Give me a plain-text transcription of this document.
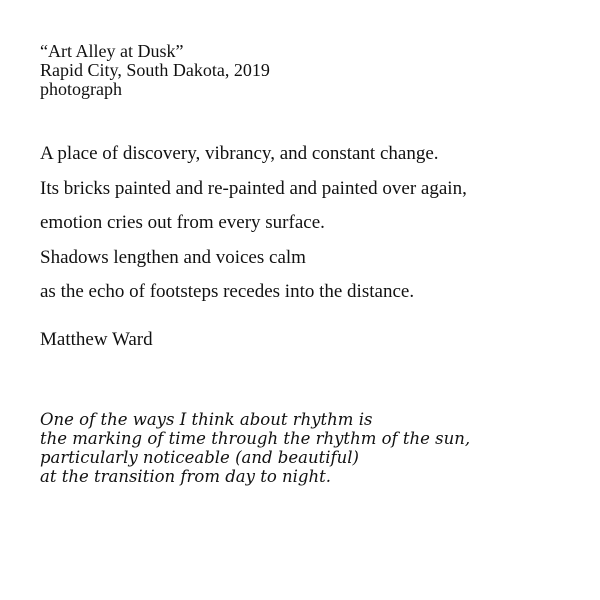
“Art Alley at Dusk”

Rapid City, South Dakota, 2019

photograph

A place of discovery, vibrancy, and constant change.

Its bricks painted and re-painted and painted over again,

emotion cries out from every surface.

Shadows lengthen and voices calm

as the echo of footsteps recedes into the distance.

Matthew Ward

One of the ways I think about rhythm is

the marking of time through the rhythm of the sun,

particularly noticeable (and beautiful)

at the transition from day to night.
